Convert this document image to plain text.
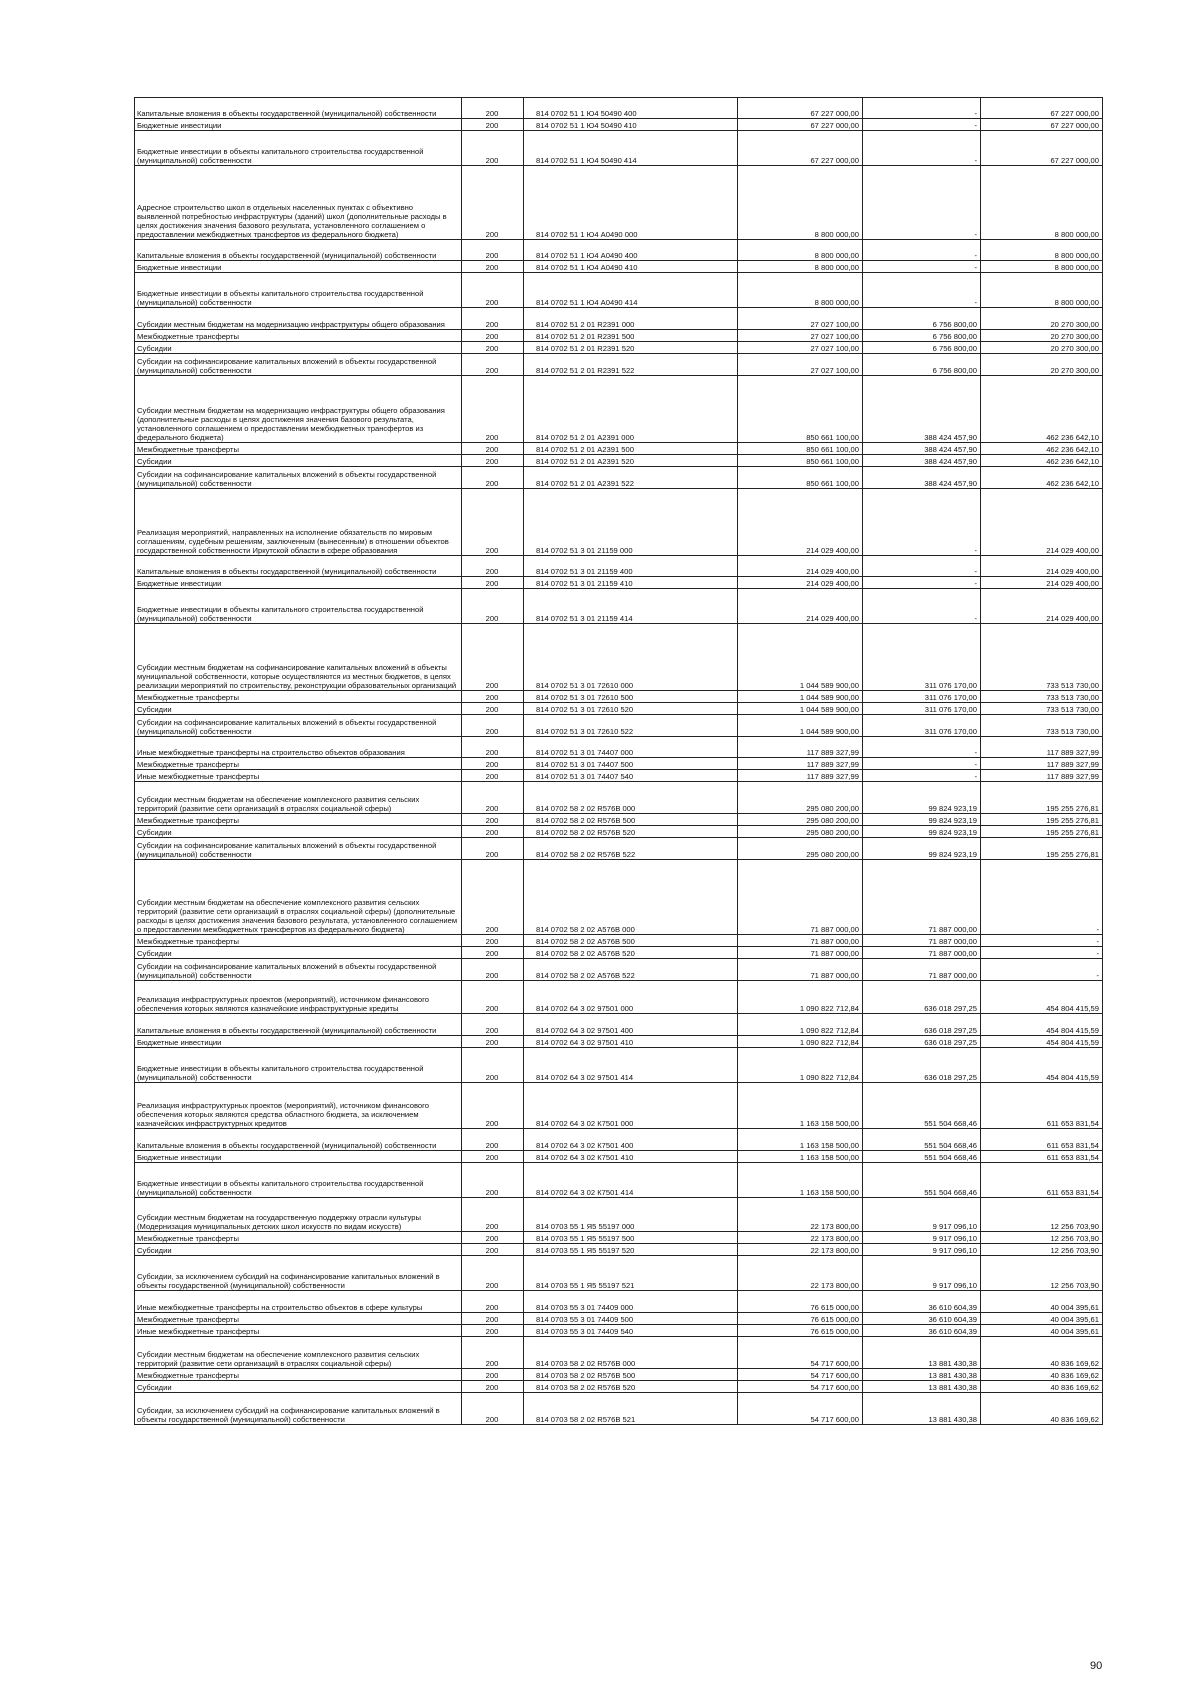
Капитальные вложения в объекты государственной (муниципальной) собственности	200	814 0702 51 1 Ю4 50490 400	67 227 000,00	-	67 227 000,00
Бюджетные инвестиции	200	814 0702 51 1 Ю4 50490 410	67 227 000,00	-	67 227 000,00
Бюджетные инвестиции в объекты капитального строительства государственной (муниципальной) собственности	200	814 0702 51 1 Ю4 50490 414	67 227 000,00	-	67 227 000,00
Адресное строительство школ в отдельных населенных пунктах с объективно выявленной потребностью инфраструктуры (зданий) школ (дополнительные расходы в целях достижения значения базового результата, установленного соглашением о предоставлении межбюджетных трансфертов из федерального бюджета)	200	814 0702 51 1 Ю4 А0490 000	8 800 000,00	-	8 800 000,00
Капитальные вложения в объекты государственной (муниципальной) собственности	200	814 0702 51 1 Ю4 А0490 400	8 800 000,00	-	8 800 000,00
Бюджетные инвестиции	200	814 0702 51 1 Ю4 А0490 410	8 800 000,00	-	8 800 000,00
Бюджетные инвестиции в объекты капитального строительства государственной (муниципальной) собственности	200	814 0702 51 1 Ю4 А0490 414	8 800 000,00	-	8 800 000,00
Субсидии местным бюджетам на модернизацию инфраструктуры общего образования	200	814 0702 51 2 01 R2391 000	27 027 100,00	6 756 800,00	20 270 300,00
Межбюджетные трансферты	200	814 0702 51 2 01 R2391 500	27 027 100,00	6 756 800,00	20 270 300,00
Субсидии	200	814 0702 51 2 01 R2391 520	27 027 100,00	6 756 800,00	20 270 300,00
Субсидии на софинансирование капитальных вложений в объекты государственной (муниципальной) собственности	200	814 0702 51 2 01 R2391 522	27 027 100,00	6 756 800,00	20 270 300,00
Субсидии местным бюджетам на модернизацию инфраструктуры общего образования (дополнительные расходы в целях достижения значения базового результата, установленного соглашением о предоставлении межбюджетных трансфертов из федерального бюджета)	200	814 0702 51 2 01 А2391 000	850 661 100,00	388 424 457,90	462 236 642,10
Межбюджетные трансферты	200	814 0702 51 2 01 А2391 500	850 661 100,00	388 424 457,90	462 236 642,10
Субсидии	200	814 0702 51 2 01 А2391 520	850 661 100,00	388 424 457,90	462 236 642,10
Субсидии на софинансирование капитальных вложений в объекты государственной (муниципальной) собственности	200	814 0702 51 2 01 А2391 522	850 661 100,00	388 424 457,90	462 236 642,10
Реализация мероприятий, направленных на исполнение обязательств по мировым соглашениям, судебным решениям, заключенным (вынесенным) в отношении объектов государственной собственности Иркутской области в сфере образования	200	814 0702 51 3 01 21159 000	214 029 400,00	-	214 029 400,00
Капитальные вложения в объекты государственной (муниципальной) собственности	200	814 0702 51 3 01 21159 400	214 029 400,00	-	214 029 400,00
Бюджетные инвестиции	200	814 0702 51 3 01 21159 410	214 029 400,00	-	214 029 400,00
Бюджетные инвестиции в объекты капитального строительства государственной (муниципальной) собственности	200	814 0702 51 3 01 21159 414	214 029 400,00	-	214 029 400,00
Субсидии местным бюджетам на софинансирование капитальных вложений в объекты муниципальной собственности, которые осуществляются из местных бюджетов, в целях реализации мероприятий по строительству, реконструкции образовательных организаций	200	814 0702 51 3 01 72610 000	1 044 589 900,00	311 076 170,00	733 513 730,00
Межбюджетные трансферты	200	814 0702 51 3 01 72610 500	1 044 589 900,00	311 076 170,00	733 513 730,00
Субсидии	200	814 0702 51 3 01 72610 520	1 044 589 900,00	311 076 170,00	733 513 730,00
Субсидии на софинансирование капитальных вложений в объекты государственной (муниципальной) собственности	200	814 0702 51 3 01 72610 522	1 044 589 900,00	311 076 170,00	733 513 730,00
Иные межбюджетные трансферты на строительство объектов образования	200	814 0702 51 3 01 74407 000	117 889 327,99	-	117 889 327,99
Межбюджетные трансферты	200	814 0702 51 3 01 74407 500	117 889 327,99	-	117 889 327,99
Иные межбюджетные трансферты	200	814 0702 51 3 01 74407 540	117 889 327,99	-	117 889 327,99
Субсидии местным бюджетам на обеспечение комплексного развития сельских территорий (развитие сети организаций в отраслях социальной сферы)	200	814 0702 58 2 02 R576В 000	295 080 200,00	99 824 923,19	195 255 276,81
Межбюджетные трансферты	200	814 0702 58 2 02 R576В 500	295 080 200,00	99 824 923,19	195 255 276,81
Субсидии	200	814 0702 58 2 02 R576В 520	295 080 200,00	99 824 923,19	195 255 276,81
Субсидии на софинансирование капитальных вложений в объекты государственной (муниципальной) собственности	200	814 0702 58 2 02 R576В 522	295 080 200,00	99 824 923,19	195 255 276,81
Субсидии местным бюджетам на обеспечение комплексного развития сельских территорий (развитие сети организаций в отраслях социальной сферы) (дополнительные расходы в целях достижения значения базового результата, установленного соглашением о предоставлении межбюджетных трансфертов из федерального бюджета)	200	814 0702 58 2 02 А576В 000	71 887 000,00	71 887 000,00	-
Межбюджетные трансферты	200	814 0702 58 2 02 А576В 500	71 887 000,00	71 887 000,00	-
Субсидии	200	814 0702 58 2 02 А576В 520	71 887 000,00	71 887 000,00	-
Субсидии на софинансирование капитальных вложений в объекты государственной (муниципальной) собственности	200	814 0702 58 2 02 А576В 522	71 887 000,00	71 887 000,00	-
Реализация инфраструктурных проектов (мероприятий), источником финансового обеспечения которых являются казначейские инфраструктурные кредиты	200	814 0702 64 3 02 97501 000	1 090 822 712,84	636 018 297,25	454 804 415,59
Капитальные вложения в объекты государственной (муниципальной) собственности	200	814 0702 64 3 02 97501 400	1 090 822 712,84	636 018 297,25	454 804 415,59
Бюджетные инвестиции	200	814 0702 64 3 02 97501 410	1 090 822 712,84	636 018 297,25	454 804 415,59
Бюджетные инвестиции в объекты капитального строительства государственной (муниципальной) собственности	200	814 0702 64 3 02 97501 414	1 090 822 712,84	636 018 297,25	454 804 415,59
Реализация инфраструктурных проектов (мероприятий), источником финансового обеспечения которых являются средства областного бюджета, за исключением казначейских инфраструктурных кредитов	200	814 0702 64 3 02 К7501 000	1 163 158 500,00	551 504 668,46	611 653 831,54
Капитальные вложения в объекты государственной (муниципальной) собственности	200	814 0702 64 3 02 К7501 400	1 163 158 500,00	551 504 668,46	611 653 831,54
Бюджетные инвестиции	200	814 0702 64 3 02 К7501 410	1 163 158 500,00	551 504 668,46	611 653 831,54
Бюджетные инвестиции в объекты капитального строительства государственной (муниципальной) собственности	200	814 0702 64 3 02 К7501 414	1 163 158 500,00	551 504 668,46	611 653 831,54
Субсидии местным бюджетам на государственную поддержку отрасли культуры (Модернизация муниципальных детских школ искусств по видам искусств)	200	814 0703 55 1 Я5 55197 000	22 173 800,00	9 917 096,10	12 256 703,90
Межбюджетные трансферты	200	814 0703 55 1 Я5 55197 500	22 173 800,00	9 917 096,10	12 256 703,90
Субсидии	200	814 0703 55 1 Я5 55197 520	22 173 800,00	9 917 096,10	12 256 703,90
Субсидии, за исключением субсидий на софинансирование капитальных вложений в объекты государственной (муниципальной) собственности	200	814 0703 55 1 Я5 55197 521	22 173 800,00	9 917 096,10	12 256 703,90
Иные межбюджетные трансферты на строительство объектов в сфере культуры	200	814 0703 55 3 01 74409 000	76 615 000,00	36 610 604,39	40 004 395,61
Межбюджетные трансферты	200	814 0703 55 3 01 74409 500	76 615 000,00	36 610 604,39	40 004 395,61
Иные межбюджетные трансферты	200	814 0703 55 3 01 74409 540	76 615 000,00	36 610 604,39	40 004 395,61
Субсидии местным бюджетам на обеспечение комплексного развития сельских территорий (развитие сети организаций в отраслях социальной сферы)	200	814 0703 58 2 02 R576В 000	54 717 600,00	13 881 430,38	40 836 169,62
Межбюджетные трансферты	200	814 0703 58 2 02 R576В 500	54 717 600,00	13 881 430,38	40 836 169,62
Субсидии	200	814 0703 58 2 02 R576В 520	54 717 600,00	13 881 430,38	40 836 169,62
Субсидии, за исключением субсидий на софинансирование капитальных вложений в объекты государственной (муниципальной) собственности	200	814 0703 58 2 02 R576В 521	54 717 600,00	13 881 430,38	40 836 169,62
90
